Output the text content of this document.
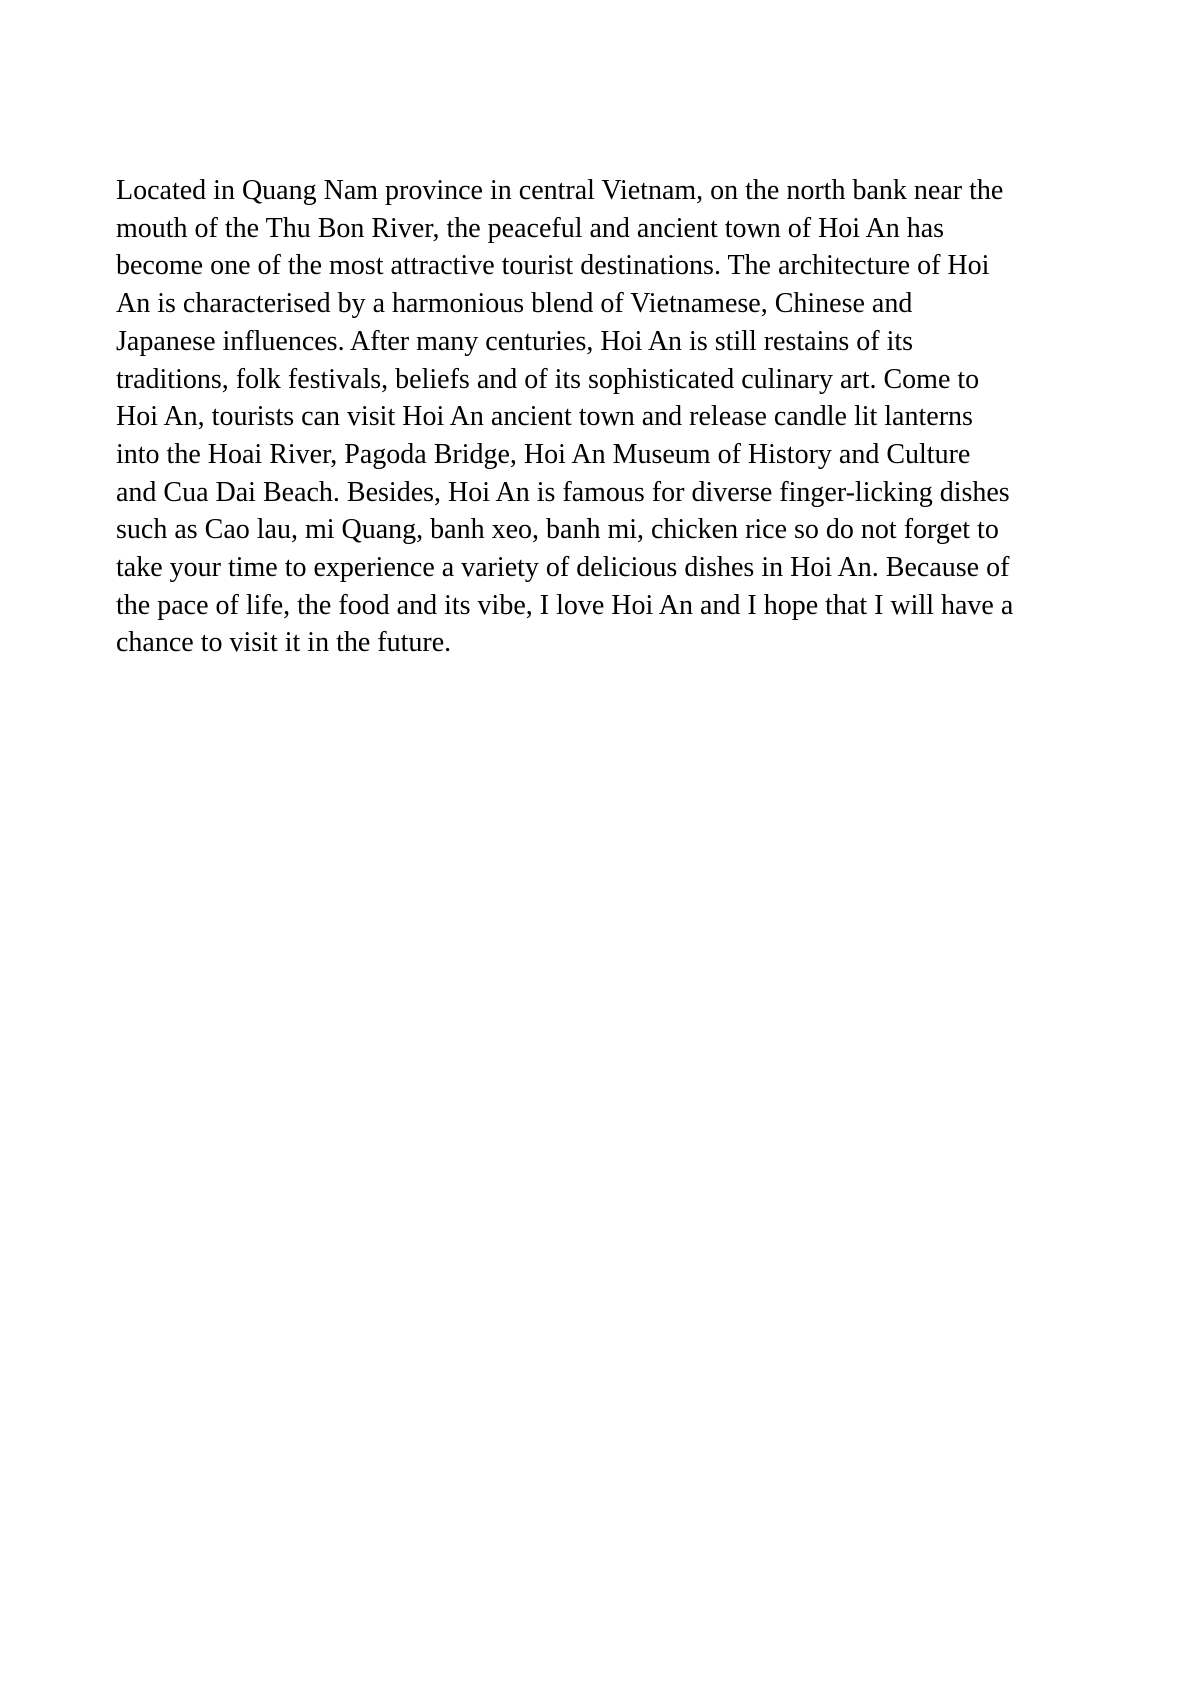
Located in Quang Nam province in central Vietnam, on the north bank near the
mouth of the Thu Bon River, the peaceful and ancient town of Hoi An has
become one of the most attractive tourist destinations. The architecture of Hoi
An is characterised by a harmonious blend of Vietnamese, Chinese and
Japanese influences. After many centuries, Hoi An is still restains of its
traditions, folk festivals, beliefs and of its sophisticated culinary art. Come to
Hoi An, tourists can visit Hoi An ancient town and release candle lit lanterns
into the Hoai River, Pagoda Bridge, Hoi An Museum of History and Culture
and Cua Dai Beach. Besides, Hoi An is famous for diverse finger-licking dishes
such as Cao lau, mi Quang, banh xeo, banh mi, chicken rice so do not forget to
take your time to experience a variety of delicious dishes in Hoi An. Because of
the pace of life, the food and its vibe, I love Hoi An and I hope that I will have a
chance to visit it in the future.
